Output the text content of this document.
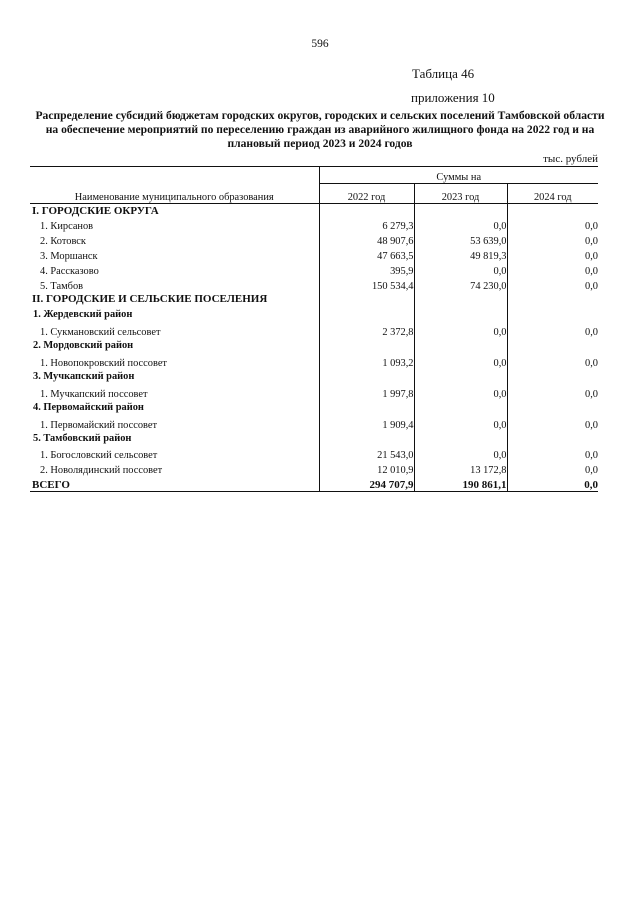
596
Таблица 46
приложения 10
Распределение субсидий бюджетам городских округов, городских и сельских поселений Тамбовской области на обеспечение мероприятий по переселению граждан из аварийного жилищного фонда на 2022 год и на плановый период 2023 и 2024 годов
тыс. рублей
Наименование муниципального образования	Суммы на		
	2022 год	2023 год	2024 год
I. ГОРОДСКИЕ ОКРУГА			
1. Кирсанов	6 279,3	0,0	0,0
2. Котовск	48 907,6	53 639,0	0,0
3. Моршанск	47 663,5	49 819,3	0,0
4. Рассказово	395,9	0,0	0,0
5. Тамбов	150 534,4	74 230,0	0,0
II. ГОРОДСКИЕ И СЕЛЬСКИЕ ПОСЕЛЕНИЯ			
1. Жердевский район			
1. Сукмановский сельсовет	2 372,8	0,0	0,0
2. Мордовский район			
1. Новопокровский поссовет	1 093,2	0,0	0,0
3. Мучкапский район			
1. Мучкапский поссовет	1 997,8	0,0	0,0
4. Первомайский район			
1. Первомайский поссовет	1 909,4	0,0	0,0
5. Тамбовский район			
1. Богословский сельсовет	21 543,0	0,0	0,0
2. Новолядинский поссовет	12 010,9	13 172,8	0,0
ВСЕГО	294 707,9	190 861,1	0,0
